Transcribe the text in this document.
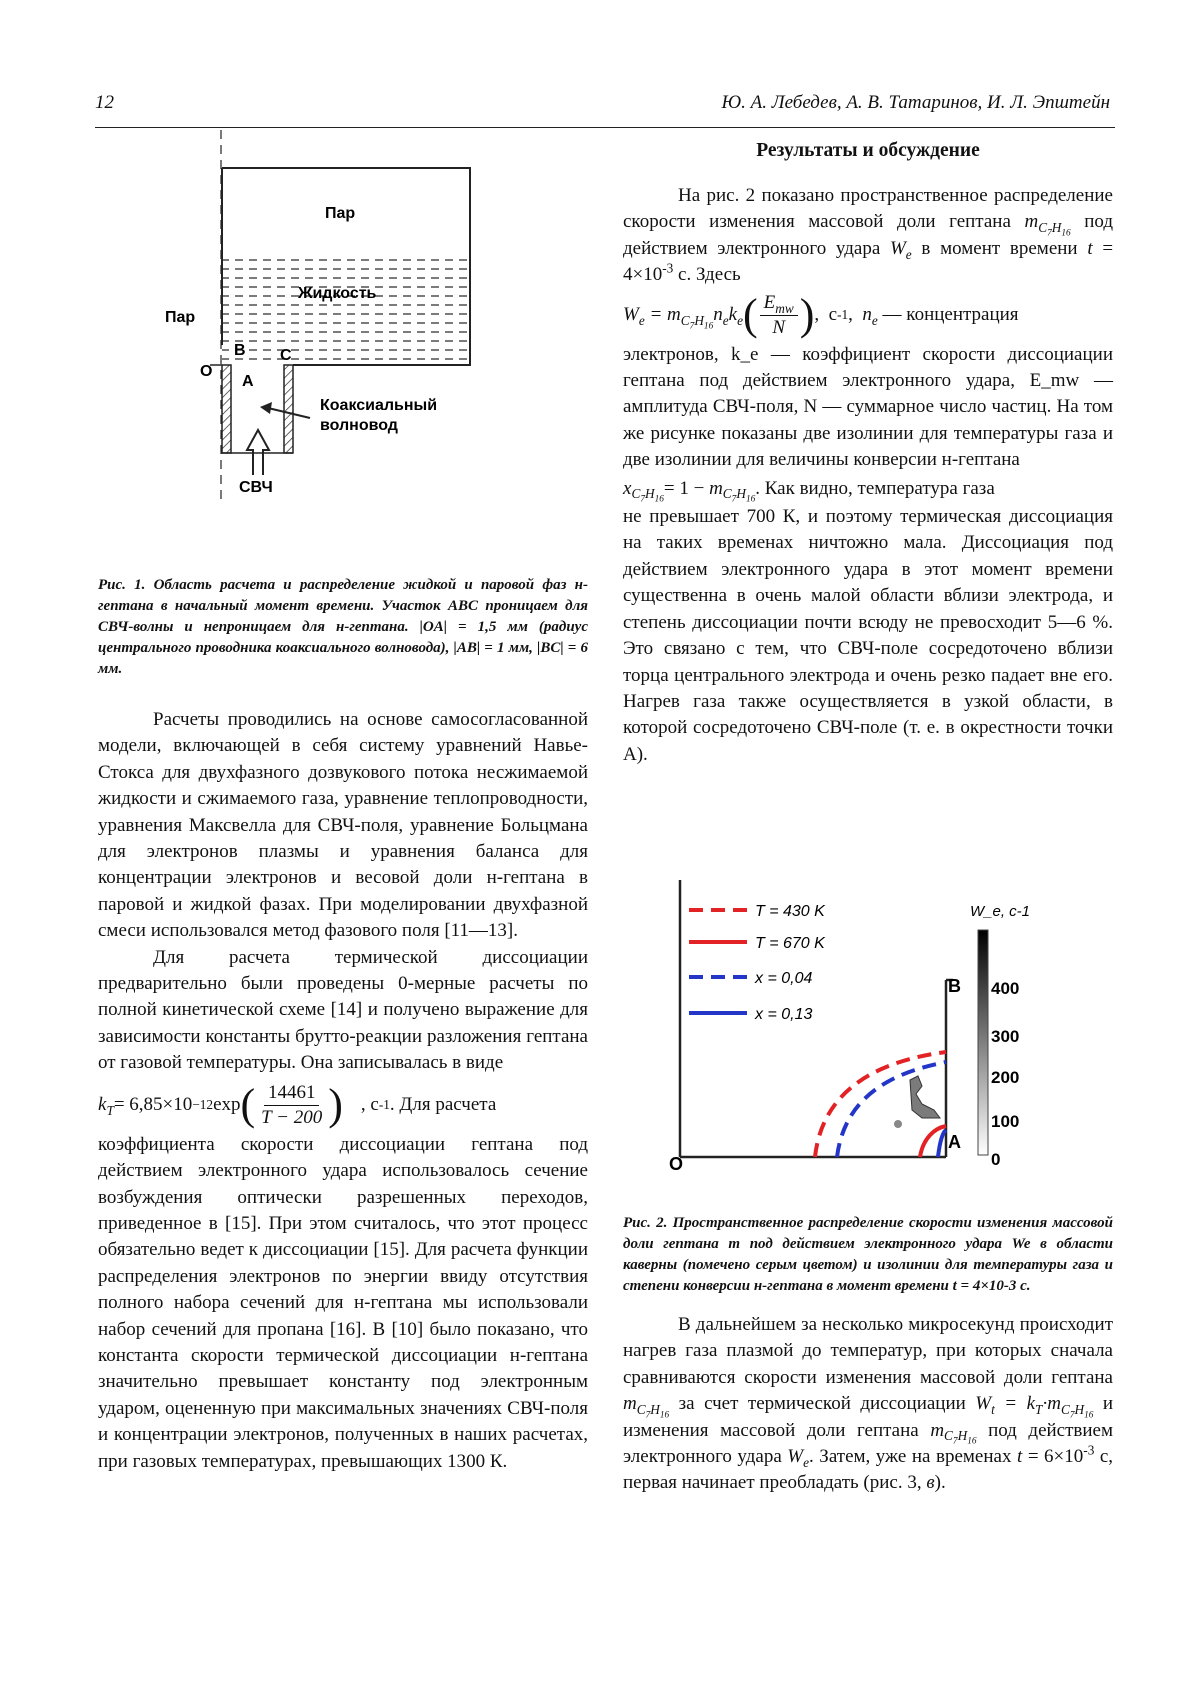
12	Ю. А. Лебедев, А. В. Татаринов, И. Л. Эпштейн
Пар
Жидкость
Пар
O
A
B C
Коаксиальный
волновод
СВЧ
Рис. 1. Область расчета и распределение жидкой и паровой фаз н-гептана в начальный момент времени. Участок ABC проницаем для СВЧ-волны и непроницаем для н-гептана. |OA| = 1,5 мм (радиус центрального проводника коаксиального волновода), |AB| = 1 мм, |BC| = 6 мм.

Расчеты проводились на основе самосогласованной модели, включающей в себя систему уравнений Навье-Стокса для двухфазного дозвукового потока несжимаемой жидкости и сжимаемого газа, уравнение теплопроводности, уравнения Максвелла для СВЧ-поля, уравнение Больцмана для электронов плазмы и уравнения баланса для концентрации электронов и весовой доли н-гептана в паровой и жидкой фазах. При моделировании двухфазной смеси использовался метод фазового поля [11—13].

Для расчета термической диссоциации предварительно были проведены 0-мерные расчеты по полной кинетической схеме [14] и получено выражение для зависимости константы брутто-реакции разложения гептана от газовой температуры. Она записывалась в виде

$k_T = 6,85\times 10 -12$ exp ( $\frac{14461}{T - 200}$ ) , с -1 . Для расчета

коэффициента скорости диссоциации гептана под действием электронного удара использовалось сечение возбуждения оптически разрешенных переходов, приведенное в [15]. При этом считалось, что этот процесс обязательно ведет к диссоциации [15]. Для расчета функции распределения электронов по энергии ввиду отсутствия полного набора сечений для н-гептана мы использовали набор сечений для пропана [16]. В [10] было показано, что константа скорости термической диссоциации н-гептана значительно превышает константу под электронным ударом, оцененную при максимальных значениях СВЧ-поля и концентрации электронов, полученных в наших расчетах, при газовых температурах, превышающих 1300 К.

Результаты и обсуждение

На рис. 2 показано пространственное распределение скорости изменения массовой доли гептана $m_{C_7H_{16}}$ под действием электронного удара $W_e$ в момент времени $t = 4\times 10^{-3}$ с. Здесь

$W_e = m_{C_7H_{16}}n_ek_e$ ( $\frac{E_{mw}}{N}$ ) , с -1 , $n_e$
— концентрация

электронов, k_e — коэффициент скорости диссоциации гептана под действием электронного удара, E_mw — амплитуда СВЧ-поля, N — суммарное число частиц. На том же рисунке показаны две изолинии для температуры газа и две изолинии для величины конверсии н-гептана

$x_{C_7H_{16}}$
= 1 −
$m_{C_7H_{16}}$
. Как видно, температура газа

не превышает 700 К, и поэтому термическая диссоциация на таких временах ничтожно мала. Диссоциация под действием электронного удара в этот момент времени существенна в очень малой области вблизи электрода, и степень диссоциации почти всюду не превосходит 5—6 %. Это связано с тем, что СВЧ-поле сосредоточено вблизи торца центрального электрода и очень резко падает вне его. Нагрев газа также осуществляется в узкой области, в которой сосредоточено СВЧ-поле (т. е. в окрестности точки A).

T = 430 K
T = 670 K
x = 0,04
x = 0,13
B
A
O
W_e, с-1
400
300
200
100
0
Рис. 2. Пространственное распределение скорости изменения массовой доли гептана m под действием электронного удара We в области каверны (помечено серым цветом) и изолинии для температуры газа и степени конверсии н-гептана в момент времени t = 4×10-3 с.

В дальнейшем за несколько микросекунд происходит нагрев газа плазмой до температур, при которых сначала сравниваются скорости изменения массовой доли гептана $m_{C_7H_{16}}$ за счет термической диссоциации $W_t = k_T\cdot m_{C_7H_{16}}$ и изменения массовой доли гептана $m_{C_7H_{16}}$ под действием электронного удара $W_e$. Затем, уже на временах $t = 6\times 10^{-3}$ с, первая начинает преобладать (рис. 3, в).
